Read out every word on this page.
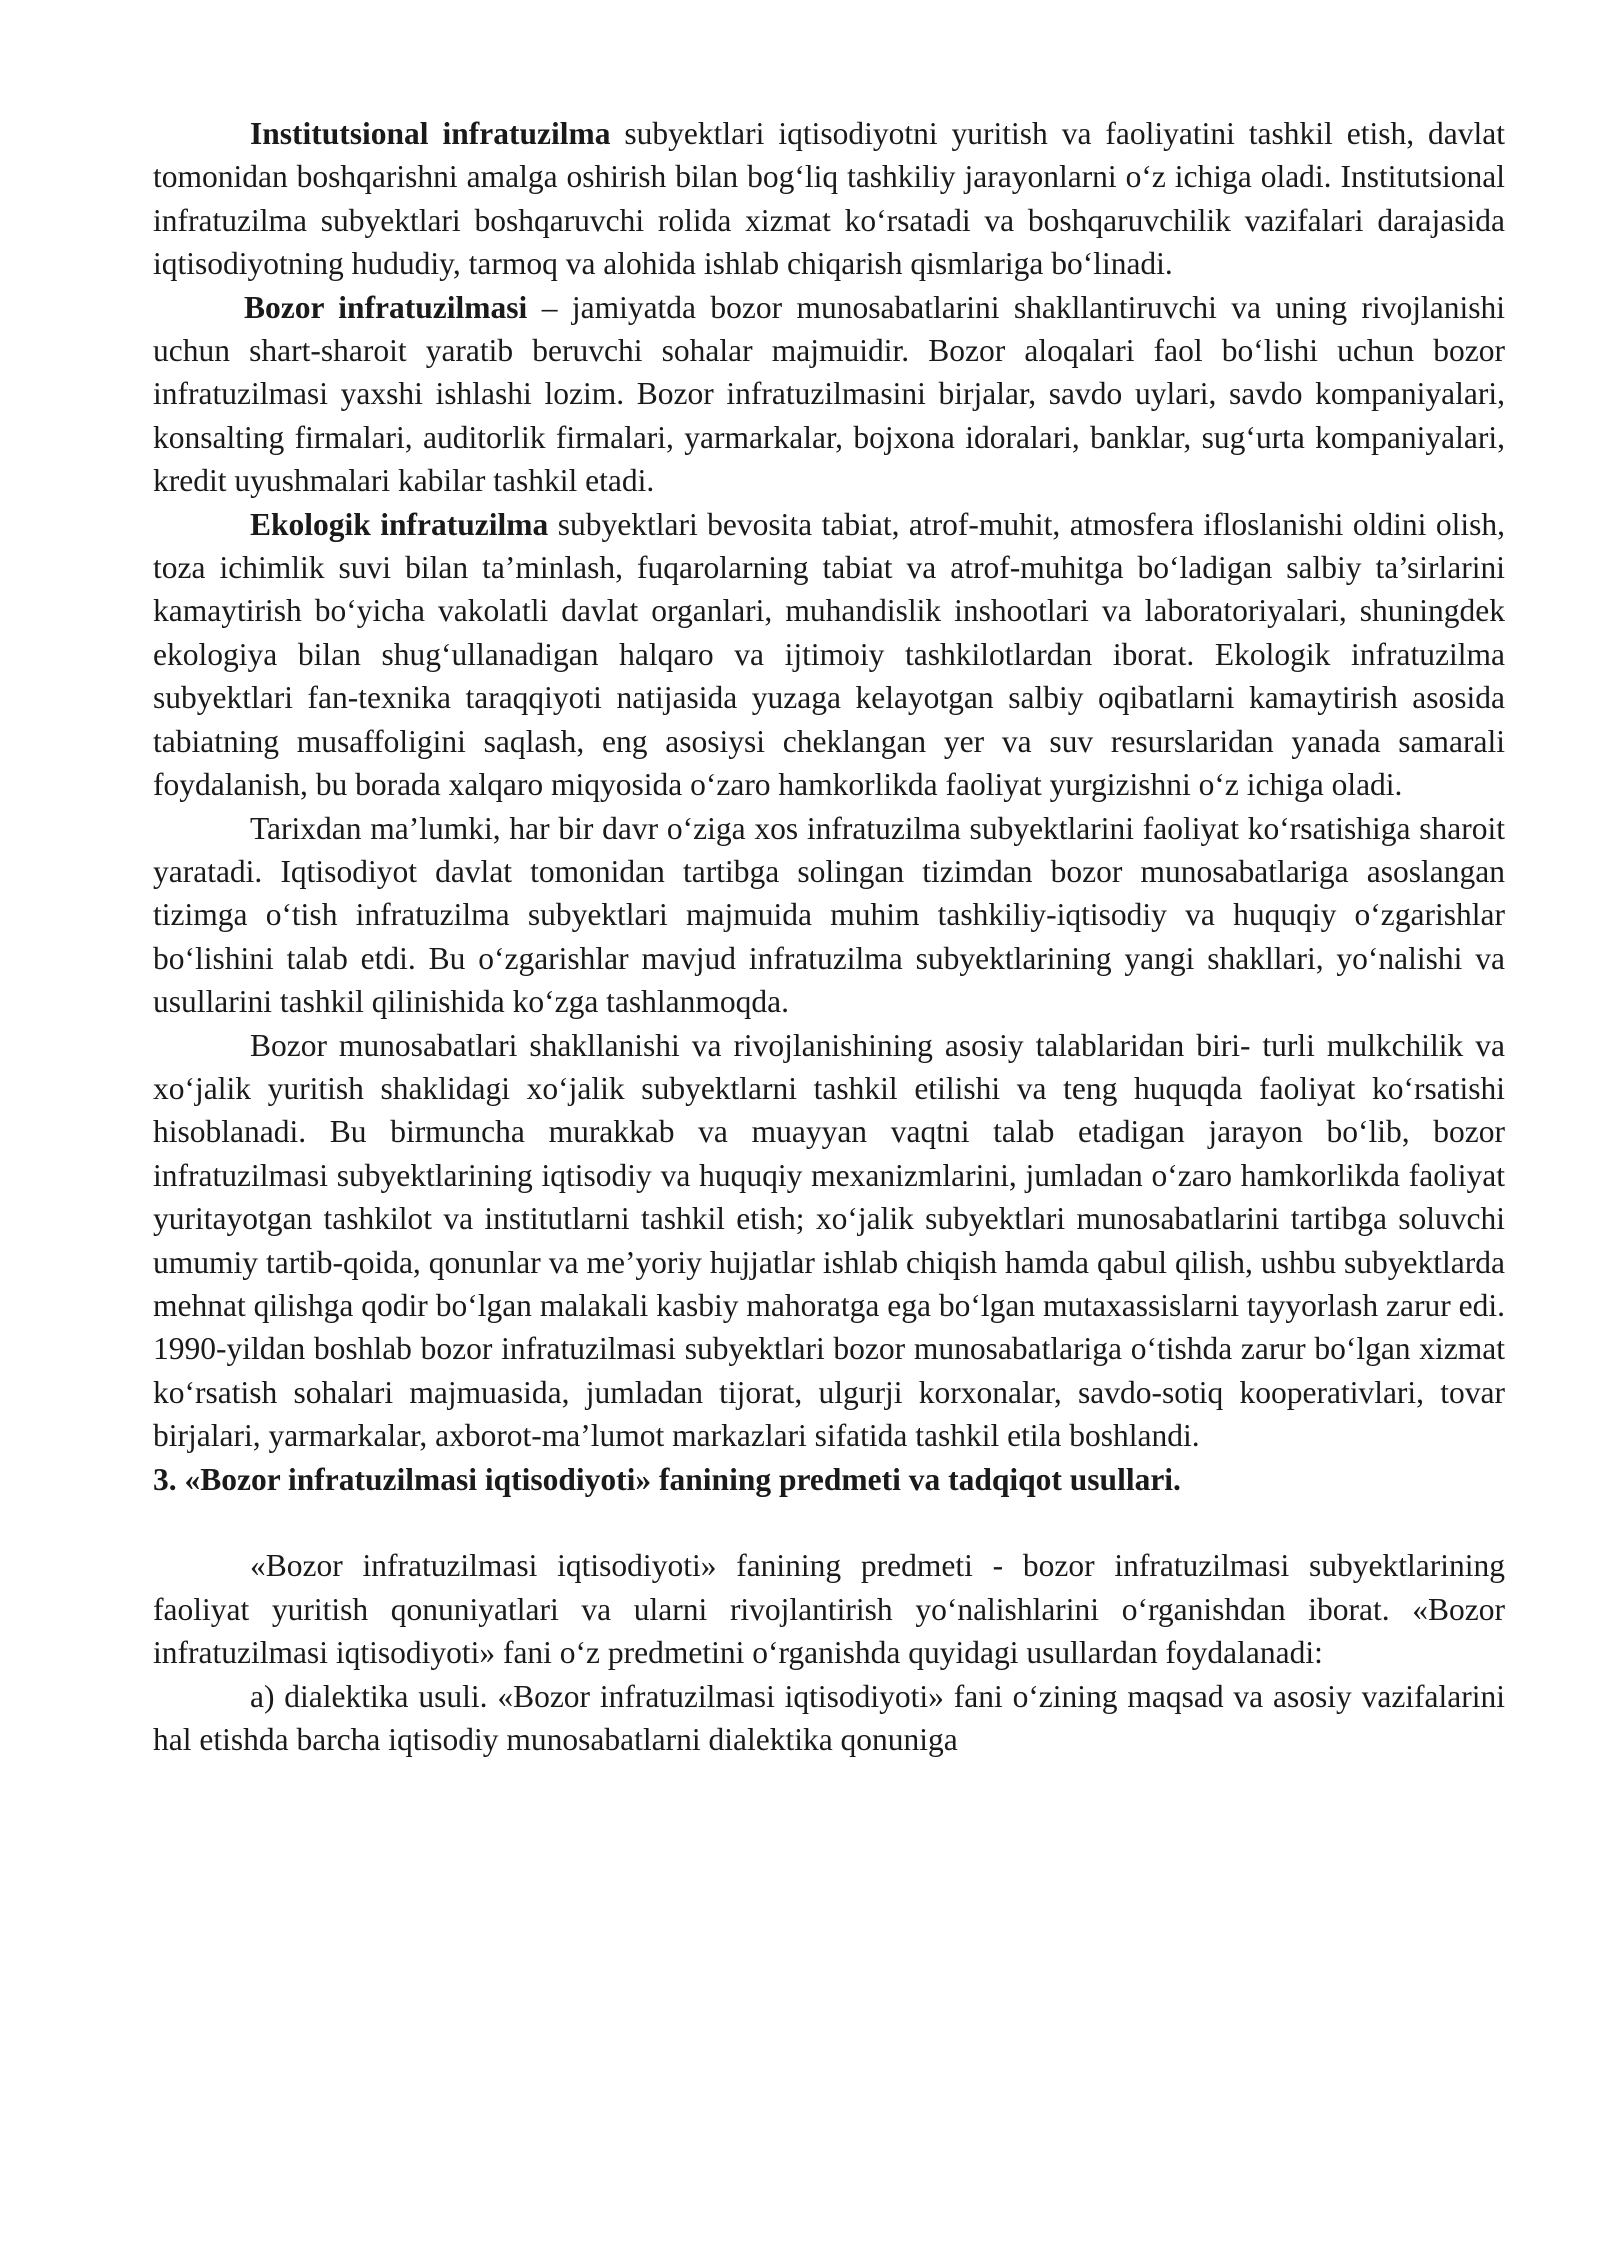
Institutsional infratuzilma subyektlari iqtisodiyotni yuritish va faoliyatini tashkil etish, davlat tomonidan boshqarishni amalga oshirish bilan bog‘liq tashkiliy jarayonlarni o‘z ichiga oladi. Institutsional infratuzilma subyektlari boshqaruvchi rolida xizmat ko‘rsatadi va boshqaruvchilik vazifalari darajasida iqtisodiyotning hududiy, tarmoq va alohida ishlab chiqarish qismlariga bo‘linadi.

Bozor infratuzilmasi – jamiyatda bozor munosabatlarini shakllantiruvchi va uning rivojlanishi uchun shart-sharoit yaratib beruvchi sohalar majmuidir. Bozor aloqalari faol bo‘lishi uchun bozor infratuzilmasi yaxshi ishlashi lozim. Bozor infratuzilmasini birjalar, savdo uylari, savdo kompaniyalari, konsalting firmalari, auditorlik firmalari, yarmarkalar, bojxona idoralari, banklar, sug‘urta kompaniyalari, kredit uyushmalari kabilar tashkil etadi.

Ekologik infratuzilma subyektlari bevosita tabiat, atrof-muhit, atmosfera ifloslanishi oldini olish, toza ichimlik suvi bilan ta’minlash, fuqarolarning tabiat va atrof-muhitga bo‘ladigan salbiy ta’sirlarini kamaytirish bo‘yicha vakolatli davlat organlari, muhandislik inshootlari va laboratoriyalari, shuningdek ekologiya bilan shug‘ullanadigan halqaro va ijtimoiy tashkilotlardan iborat. Ekologik infratuzilma subyektlari fan-texnika taraqqiyoti natijasida yuzaga kelayotgan salbiy oqibatlarni kamaytirish asosida tabiatning musaffoligini saqlash, eng asosiysi cheklangan yer va suv resurslaridan yanada samarali foydalanish, bu borada xalqaro miqyosida o‘zaro hamkorlikda faoliyat yurgizishni o‘z ichiga oladi.

Tarixdan ma’lumki, har bir davr o‘ziga xos infratuzilma subyektlarini faoliyat ko‘rsatishiga sharoit yaratadi. Iqtisodiyot davlat tomonidan tartibga solingan tizimdan bozor munosabatlariga asoslangan tizimga o‘tish infratuzilma subyektlari majmuida muhim tashkiliy-iqtisodiy va huquqiy o‘zgarishlar bo‘lishini talab etdi. Bu o‘zgarishlar mavjud infratuzilma subyektlarining yangi shakllari, yo‘nalishi va usullarini tashkil qilinishida ko‘zga tashlanmoqda.

Bozor munosabatlari shakllanishi va rivojlanishining asosiy talablaridan biri- turli mulkchilik va xo‘jalik yuritish shaklidagi xo‘jalik subyektlarni tashkil etilishi va teng huquqda faoliyat ko‘rsatishi hisoblanadi. Bu birmuncha murakkab va muayyan vaqtni talab etadigan jarayon bo‘lib, bozor infratuzilmasi subyektlarining iqtisodiy va huquqiy mexanizmlarini, jumladan o‘zaro hamkorlikda faoliyat yuritayotgan tashkilot va institutlarni tashkil etish; xo‘jalik subyektlari munosabatlarini tartibga soluvchi umumiy tartib-qoida, qonunlar va me’yoriy hujjatlar ishlab chiqish hamda qabul qilish, ushbu subyektlarda mehnat qilishga qodir bo‘lgan malakali kasbiy mahoratga ega bo‘lgan mutaxassislarni tayyorlash zarur edi. 1990-yildan boshlab bozor infratuzilmasi subyektlari bozor munosabatlariga o‘tishda zarur bo‘lgan xizmat ko‘rsatish sohalari majmuasida, jumladan tijorat, ulgurji korxonalar, savdo-sotiq kooperativlari, tovar birjalari, yarmarkalar, axborot-ma’lumot markazlari sifatida tashkil etila boshlandi.

3. «Bozor infratuzilmasi iqtisodiyoti» fanining predmeti va tadqiqot usullari.

«Bozor infratuzilmasi iqtisodiyoti» fanining predmeti - bozor infratuzilmasi subyektlarining faoliyat yuritish qonuniyatlari va ularni rivojlantirish yo‘nalishlarini o‘rganishdan iborat. «Bozor infratuzilmasi iqtisodiyoti» fani o‘z predmetini o‘rganishda quyidagi usullardan foydalanadi:

a) dialektika usuli. «Bozor infratuzilmasi iqtisodiyoti» fani o‘zining maqsad va asosiy vazifalarini hal etishda barcha iqtisodiy munosabatlarni dialektika qonuniga
